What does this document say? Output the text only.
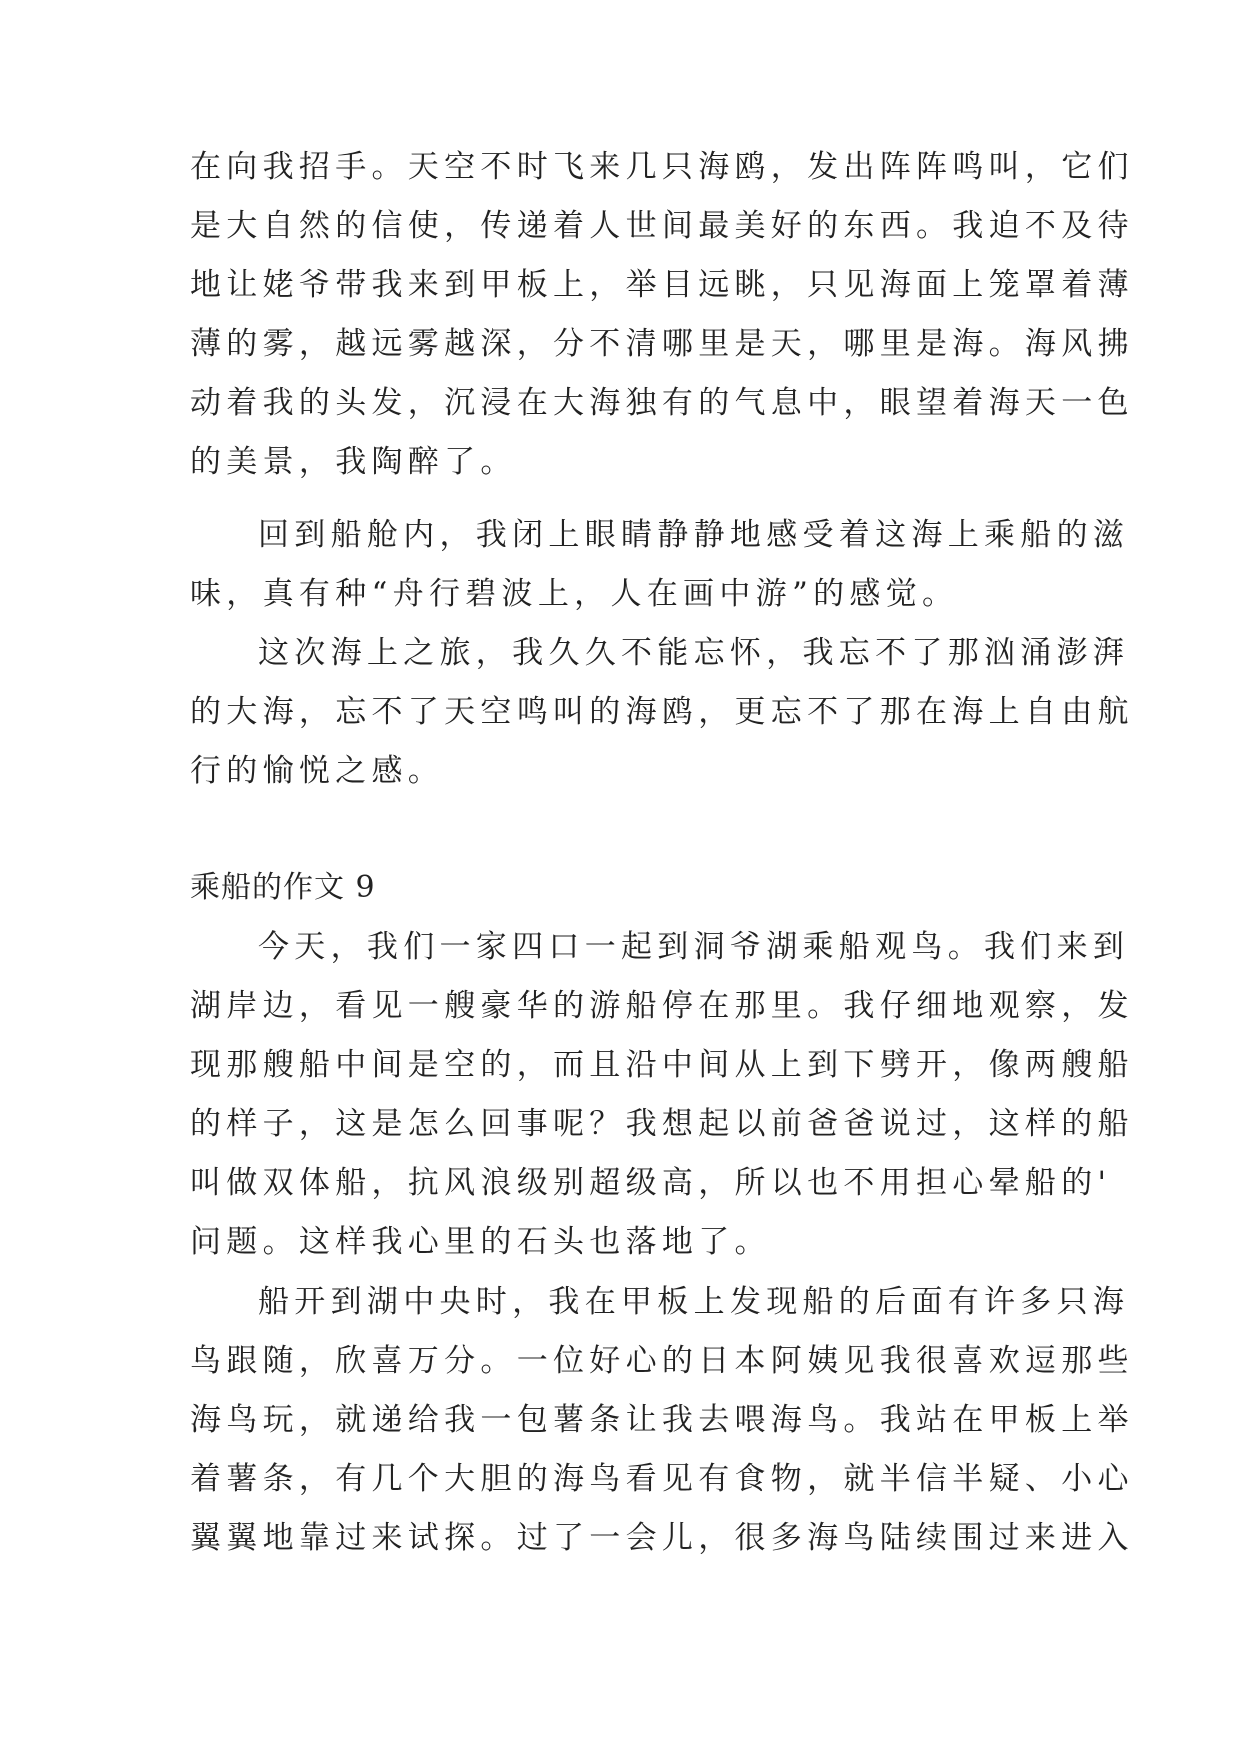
在向我招手。天空不时飞来几只海鸥，发出阵阵鸣叫，它们
是大自然的信使，传递着人世间最美好的东西。我迫不及待
地让姥爷带我来到甲板上，举目远眺，只见海面上笼罩着薄
薄的雾，越远雾越深，分不清哪里是天，哪里是海。海风拂
动着我的头发，沉浸在大海独有的气息中，眼望着海天一色
的美景，我陶醉了。
回到船舱内，我闭上眼睛静静地感受着这海上乘船的滋
味，真有种“舟行碧波上，人在画中游”的感觉。
这次海上之旅，我久久不能忘怀，我忘不了那汹涌澎湃
的大海，忘不了天空鸣叫的海鸥，更忘不了那在海上自由航
行的愉悦之感。
乘船的作文 9
今天，我们一家四口一起到洞爷湖乘船观鸟。我们来到
湖岸边，看见一艘豪华的游船停在那里。我仔细地观察，发
现那艘船中间是空的，而且沿中间从上到下劈开，像两艘船
的样子，这是怎么回事呢？我想起以前爸爸说过，这样的船
叫做双体船，抗风浪级别超级高，所以也不用担心晕船的'
问题。这样我心里的石头也落地了。
船开到湖中央时，我在甲板上发现船的后面有许多只海
鸟跟随，欣喜万分。一位好心的日本阿姨见我很喜欢逗那些
海鸟玩，就递给我一包薯条让我去喂海鸟。我站在甲板上举
着薯条，有几个大胆的海鸟看见有食物，就半信半疑、小心
翼翼地靠过来试探。过了一会儿，很多海鸟陆续围过来进入
